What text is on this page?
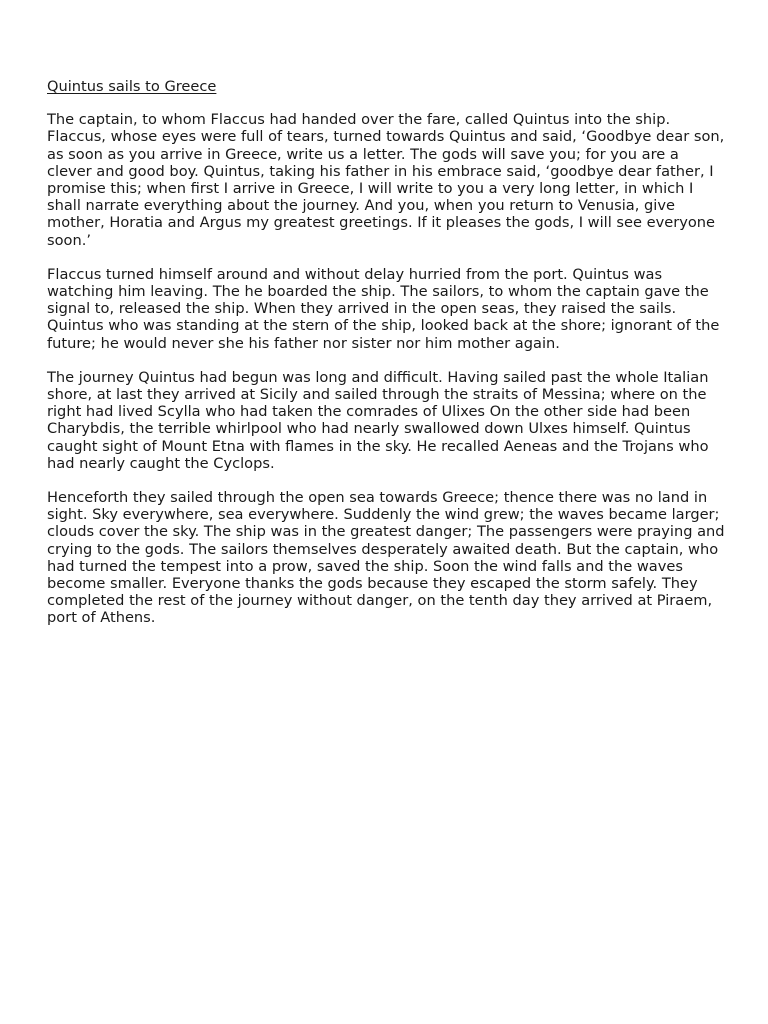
Quintus sails to Greece

The captain, to whom Flaccus had handed over the fare, called Quintus into the ship. Flaccus, whose eyes were full of tears, turned towards Quintus and said, ‘Goodbye dear son, as soon as you arrive in Greece, write us a letter. The gods will save you; for you are a clever and good boy. Quintus, taking his father in his embrace said, ‘goodbye dear father, I promise this; when first I arrive in Greece, I will write to you a very long letter, in which I shall narrate everything about the journey. And you, when you return to Venusia, give mother, Horatia and Argus my greatest greetings. If it pleases the gods, I will see everyone soon.’

Flaccus turned himself around and without delay hurried from the port. Quintus was watching him leaving. The he boarded the ship. The sailors, to whom the captain gave the signal to, released the ship. When they arrived in the open seas, they raised the sails. Quintus who was standing at the stern of the ship, looked back at the shore; ignorant of the future; he would never she his father nor sister nor him mother again.

The journey Quintus had begun was long and difficult. Having sailed past the whole Italian shore, at last they arrived at Sicily and sailed through the straits of Messina; where on the right had lived Scylla who had taken the comrades of Ulixes On the other side had been Charybdis, the terrible whirlpool who had nearly swallowed down Ulxes himself. Quintus caught sight of Mount Etna with flames in the sky. He recalled Aeneas and the Trojans who had nearly caught the Cyclops.

Henceforth they sailed through the open sea towards Greece; thence there was no land in sight. Sky everywhere, sea everywhere. Suddenly the wind grew; the waves became larger; clouds cover the sky. The ship was in the greatest danger; The passengers were praying and crying to the gods. The sailors themselves desperately awaited death. But the captain, who had turned the tempest into a prow, saved the ship. Soon the wind falls and the waves become smaller. Everyone thanks the gods because they escaped the storm safely. They completed the rest of the journey without danger, on the tenth day they arrived at Piraem, port of Athens.
